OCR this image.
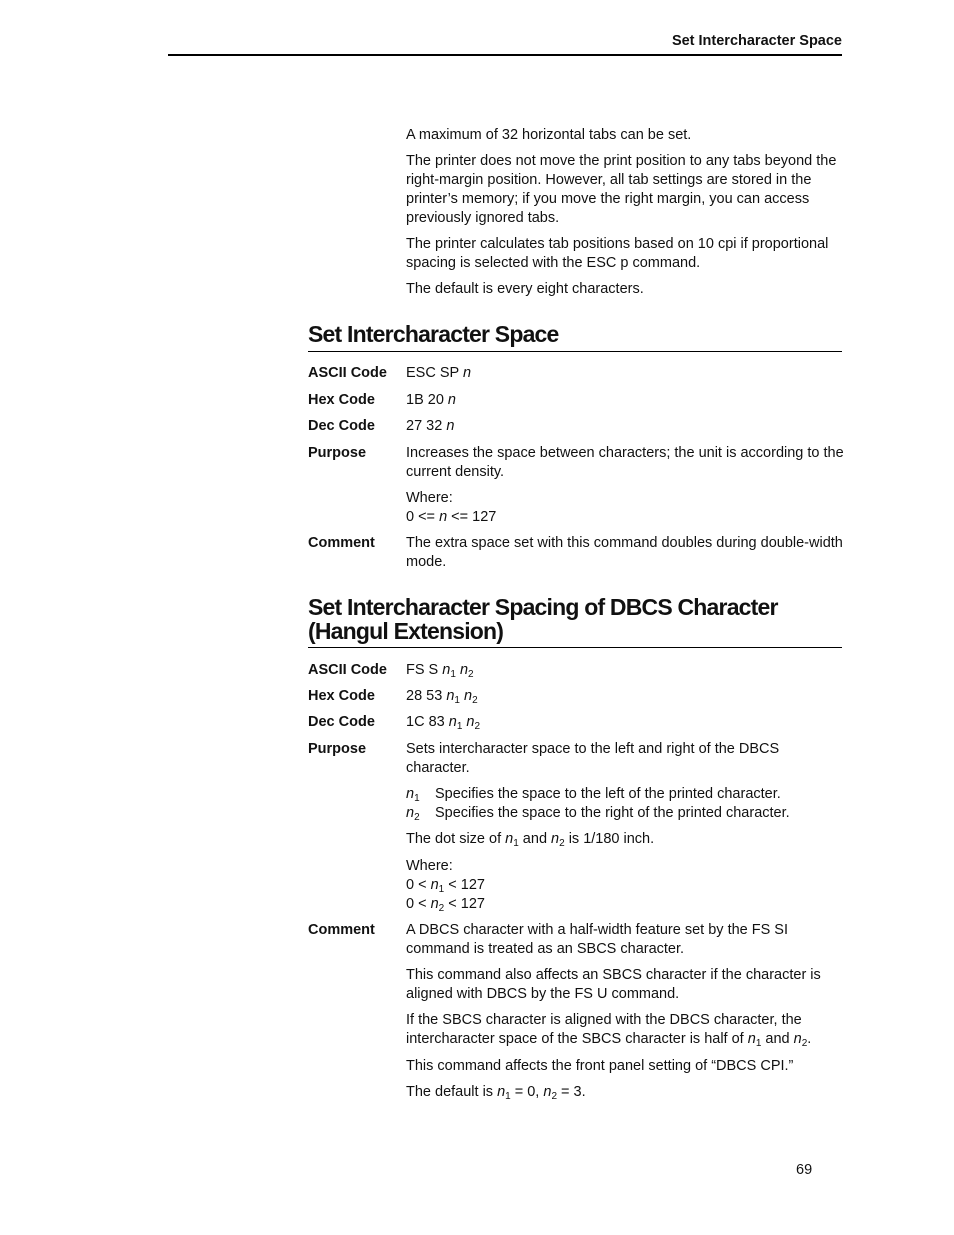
Set Intercharacter Space

A maximum of 32 horizontal tabs can be set.

The printer does not move the print position to any tabs beyond the right-margin position. However, all tab settings are stored in the printer’s memory; if you move the right margin, you can access previously ignored tabs.

The printer calculates tab positions based on 10 cpi if proportional spacing is selected with the ESC p command.

The default is every eight characters.

Set Intercharacter Space
ASCII Code ESC SP n

Hex Code 1B 20 n

Dec Code 27 32 n

Purpose	Increases the space between characters; the unit is according to the current density.

Where:
0 <= n <= 127

Comment The extra space set with this command doubles during double-width mode.

Set Intercharacter Spacing of DBCS Character (Hangul Extension)
ASCII Code FS S $n_1$ $n_2$

Hex Code 28 53 $n_1$ $n_2$

Dec Code 1C 83 $n_1$ $n_2$

Purpose	Sets intercharacter space to the left and right of the DBCS character.

$n_1$ Specifies the space to the left of the printed character.
$n_2$ Specifies the space to the right of the printed character.

The dot size of $n_1$ and $n_2$ is 1/180 inch.

Where:
$0 < n_1 < 127$
$0 < n_2 < 127$

Comment A DBCS character with a half-width feature set by the FS SI command is treated as an SBCS character.

This command also affects an SBCS character if the character is aligned with DBCS by the FS U command.

If the SBCS character is aligned with the DBCS character, the intercharacter space of the SBCS character is half of $n_1$ and $n_2$.

This command affects the front panel setting of “DBCS CPI.”

The default is $n_1 = 0$, $n_2 = 3$.

69
